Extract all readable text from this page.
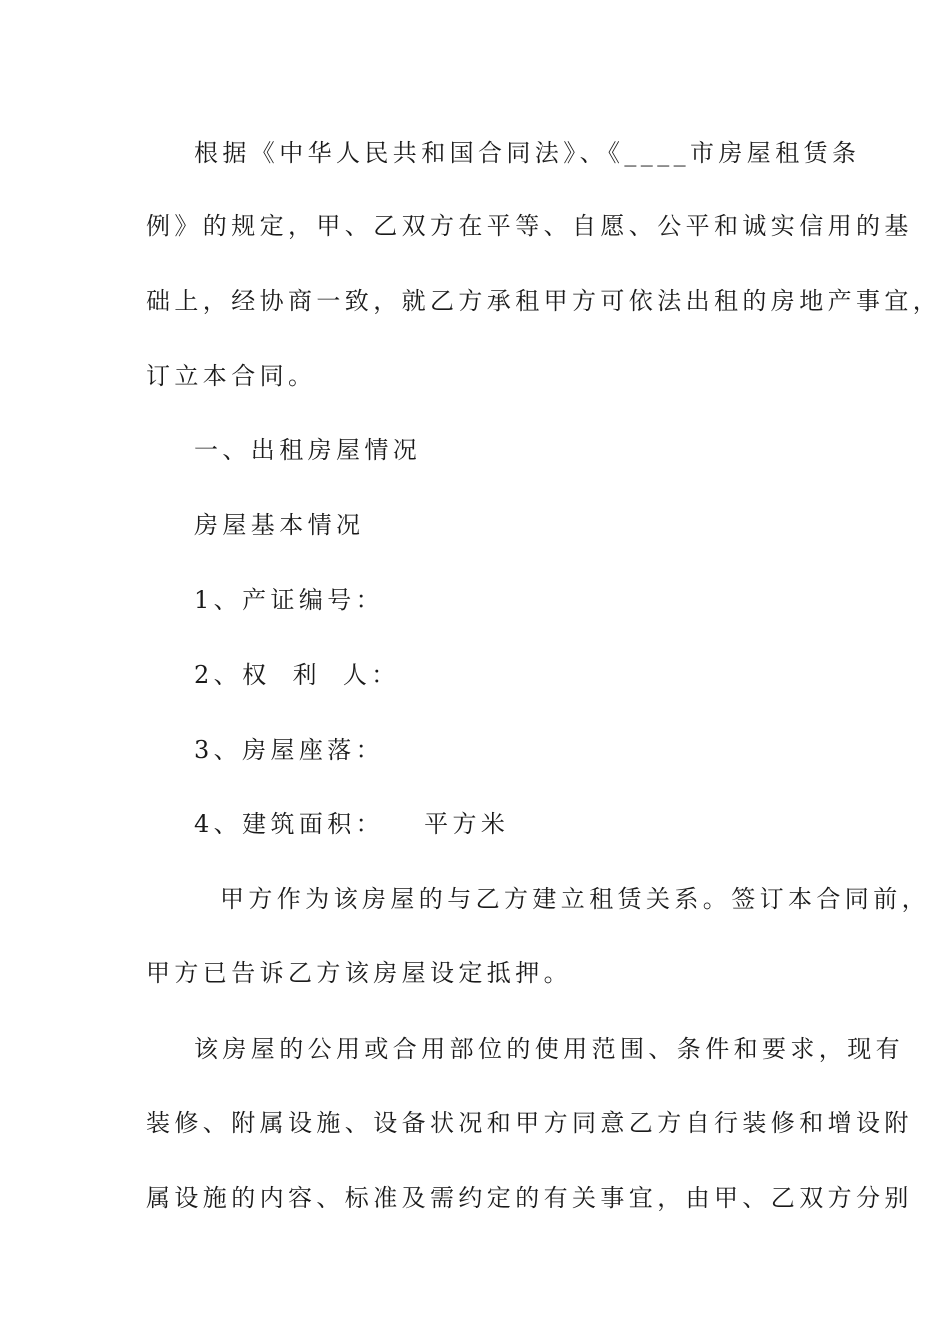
根据《中华人民共和国合同法》、《____市房屋租赁条
例》的规定，甲、乙双方在平等、自愿、公平和诚实信用的基
础上，经协商一致，就乙方承租甲方可依法出租的房地产事宜，
订立本合同。
一、出租房屋情况
房屋基本情况
1、产证编号：
2、权 利 人：
3、房屋座落：
4、建筑面积： 平方米
甲方作为该房屋的与乙方建立租赁关系。签订本合同前，
甲方已告诉乙方该房屋设定抵押。
该房屋的公用或合用部位的使用范围、条件和要求，现有
装修、附属设施、设备状况和甲方同意乙方自行装修和增设附
属设施的内容、标准及需约定的有关事宜，由甲、乙双方分别
